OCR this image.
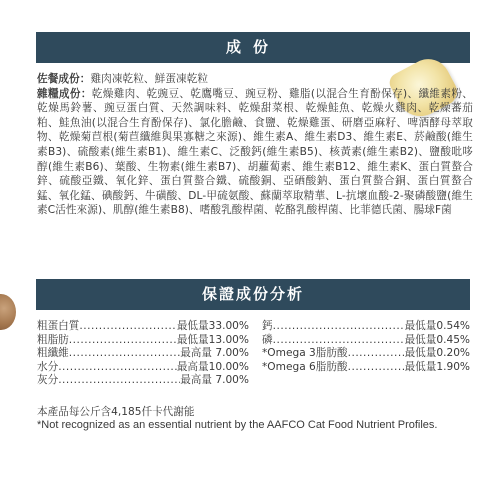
成份

佐餐成份：雞肉凍乾粒、鮮蛋凍乾粒

雜糧成份：乾燥雞肉、乾豌豆、乾鷹嘴豆、豌豆粉、雞脂(以混合生育酚保存)、纖維素粉、乾燥馬鈴薯、豌豆蛋白質、天然調味料、乾燥甜菜根、乾燥鮭魚、乾燥火雞肉、乾燥蕃茄粕、鮭魚油(以混合生育酚保存)、氯化膽鹼、食鹽、乾燥雞蛋、研磨亞麻籽、啤酒酵母萃取物、乾燥菊苣根(菊苣纖維與果寡糖之來源)、維生素A、維生素D3、維生素E、菸鹼酸(維生素B3)、硫酸素(維生素B1)、維生素C、泛酸鈣(維生素B5)、核黃素(維生素B2)、鹽酸吡哆醇(維生素B6)、葉酸、生物素(維生素B7)、胡蘿蔔素、維生素B12、維生素K、蛋白質螯合鋅、硫酸亞鐵、氧化鋅、蛋白質螯合鐵、硫酸銅、亞硒酸鈉、蛋白質螯合銅、蛋白質螯合錳、氧化錳、碘酸鈣、牛磺酸、DL-甲硫氨酸、蘇蘭萃取精華、L-抗壞血酸-2-聚磷酸鹽(維生素C活性來源)、肌醇(維生素B8)、嗜酸乳酸桿菌、乾酪乳酸桿菌、比菲德氏菌、腸球F菌

保證成份分析
粗蛋白質 .....	最低量33.00%
粗脂肪 .....	最低量13.00%
粗纖維 .....	最高量 7.00%
水分 .....	最高量10.00%
灰分 .....	最高量 7.00%
鈣 .....	最低量0.54%
磷 .....	最低量0.45%
*Omega 3脂肪酸 .....	最低量0.20%
*Omega 6脂肪酸 .....	最低量1.90%

本產品每公斤含4,185仟卡代謝能

*Not recognized as an essential nutrient by the AAFCO Cat Food Nutrient Profiles.
